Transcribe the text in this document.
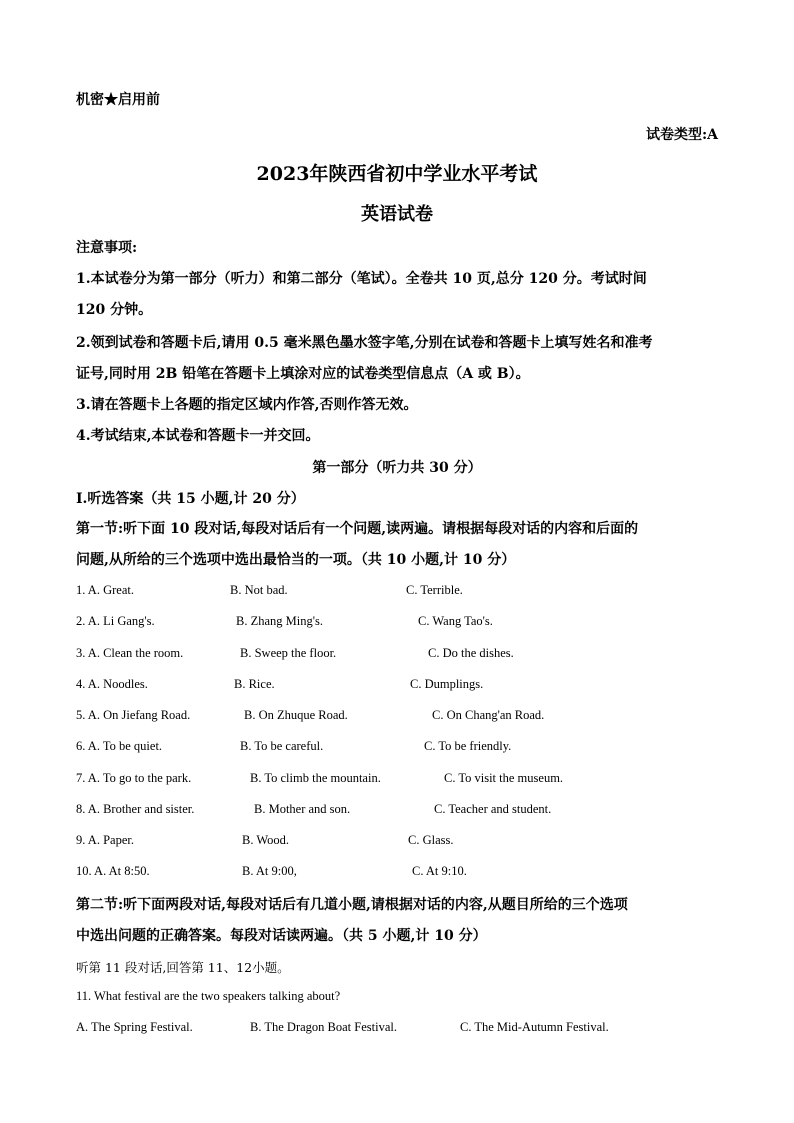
机密★启用前
试卷类型:A
2023年陕西省初中学业水平考试
英语试卷
注意事项:
1.本试卷分为第一部分（听力）和第二部分（笔试）。全卷共 10 页,总分 120 分。考试时间
120 分钟。
2.领到试卷和答题卡后,请用 0.5 毫米黑色墨水签字笔,分别在试卷和答题卡上填写姓名和准考
证号,同时用 2B 铅笔在答题卡上填涂对应的试卷类型信息点（A 或 B）。
3.请在答题卡上各题的指定区域内作答,否则作答无效。
4.考试结束,本试卷和答题卡一并交回。
第一部分（听力共 30 分）
I.听选答案（共 15 小题,计 20 分）
第一节:听下面 10 段对话,每段对话后有一个问题,读两遍。请根据每段对话的内容和后面的
问题,从所给的三个选项中选出最恰当的一项。（共 10 小题,计 10 分）
1. A. Great.	B. Not bad.	C. Terrible.
2. A. Li Gang's.	B. Zhang Ming's.	C. Wang Tao's.
3. A. Clean the room.	B. Sweep the floor.	C. Do the dishes.
4. A. Noodles.	B. Rice.	C. Dumplings.
5. A. On Jiefang Road.	B. On Zhuque Road.	C. On Chang'an Road.
6. A. To be quiet.	B. To be careful.	C. To be friendly.
7. A. To go to the park.	B. To climb the mountain.	C. To visit the museum.
8. A. Brother and sister.	B. Mother and son.	C. Teacher and student.
9. A. Paper.	B. Wood.	C. Glass.
10. A. At 8:50.	B. At 9:00,	C. At 9:10.
第二节:听下面两段对话,每段对话后有几道小题,请根据对话的内容,从题目所给的三个选项
中选出问题的正确答案。每段对话读两遍。（共 5 小题,计 10 分）
听第 11 段对话,回答第 11、12小题。
11. What festival are the two speakers talking about?
A. The Spring Festival.	B. The Dragon Boat Festival.	C. The Mid-Autumn Festival.
